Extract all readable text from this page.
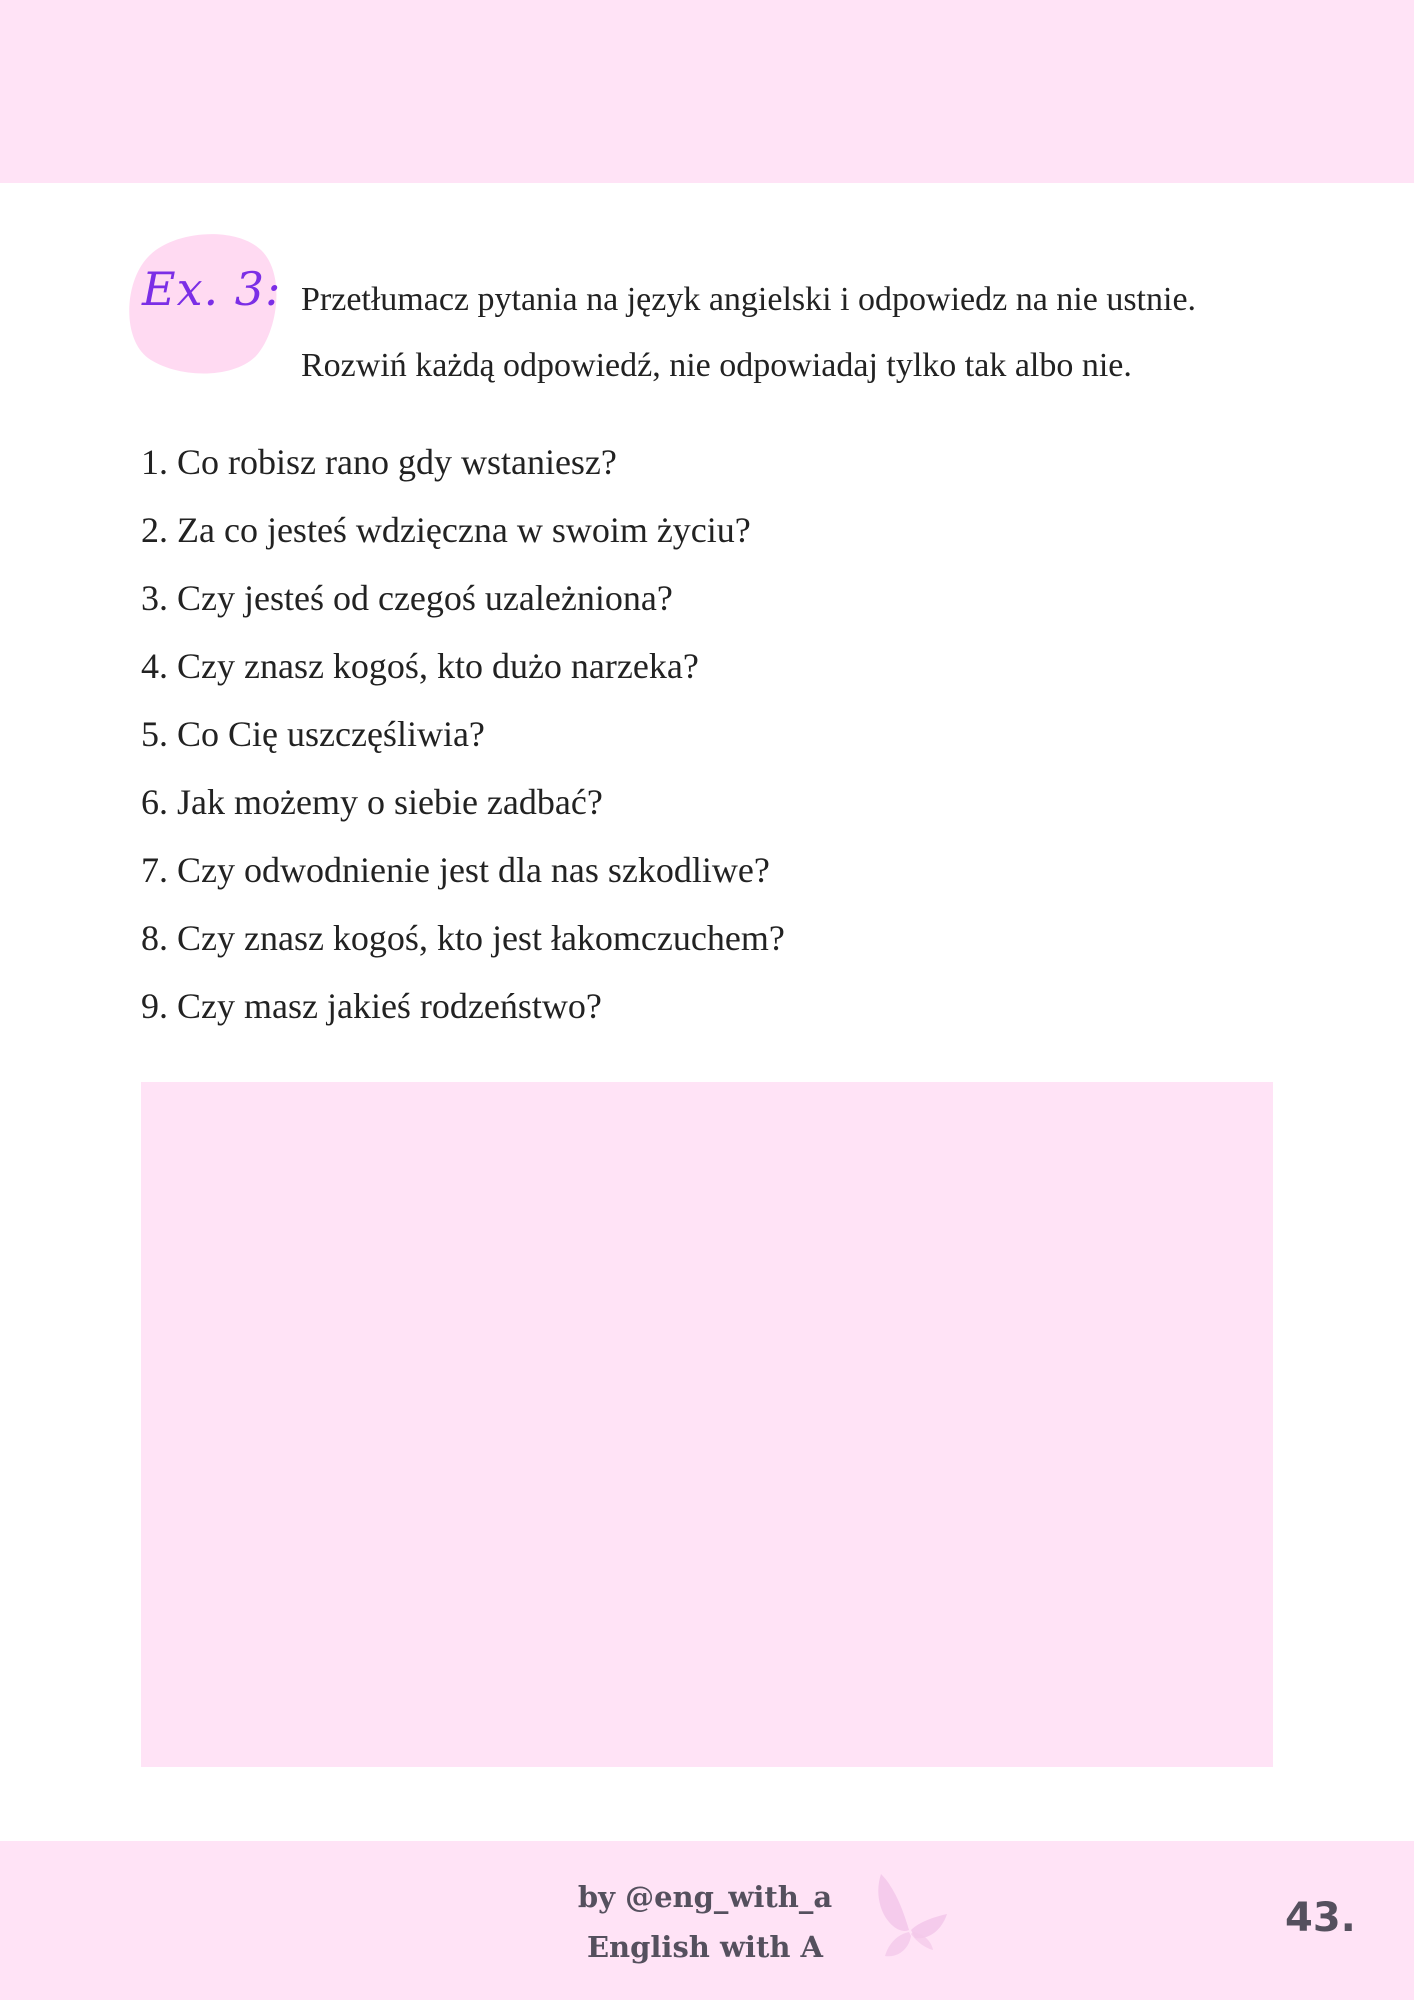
Ex. 3: Przetłumacz pytania na język angielski i odpowiedz na nie ustnie.
Rozwiń każdą odpowiedź, nie odpowiadaj tylko tak albo nie.
1. Co robisz rano gdy wstaniesz?
2. Za co jesteś wdzięczna w swoim życiu?
3. Czy jesteś od czegoś uzależniona?
4. Czy znasz kogoś, kto dużo narzeka?
5. Co Cię uszczęśliwia?
6. Jak możemy o siebie zadbać?
7. Czy odwodnienie jest dla nas szkodliwe?
8. Czy znasz kogoś, kto jest łakomczuchem?
9. Czy masz jakieś rodzeństwo?
by @eng_with_a
English with A
43.
